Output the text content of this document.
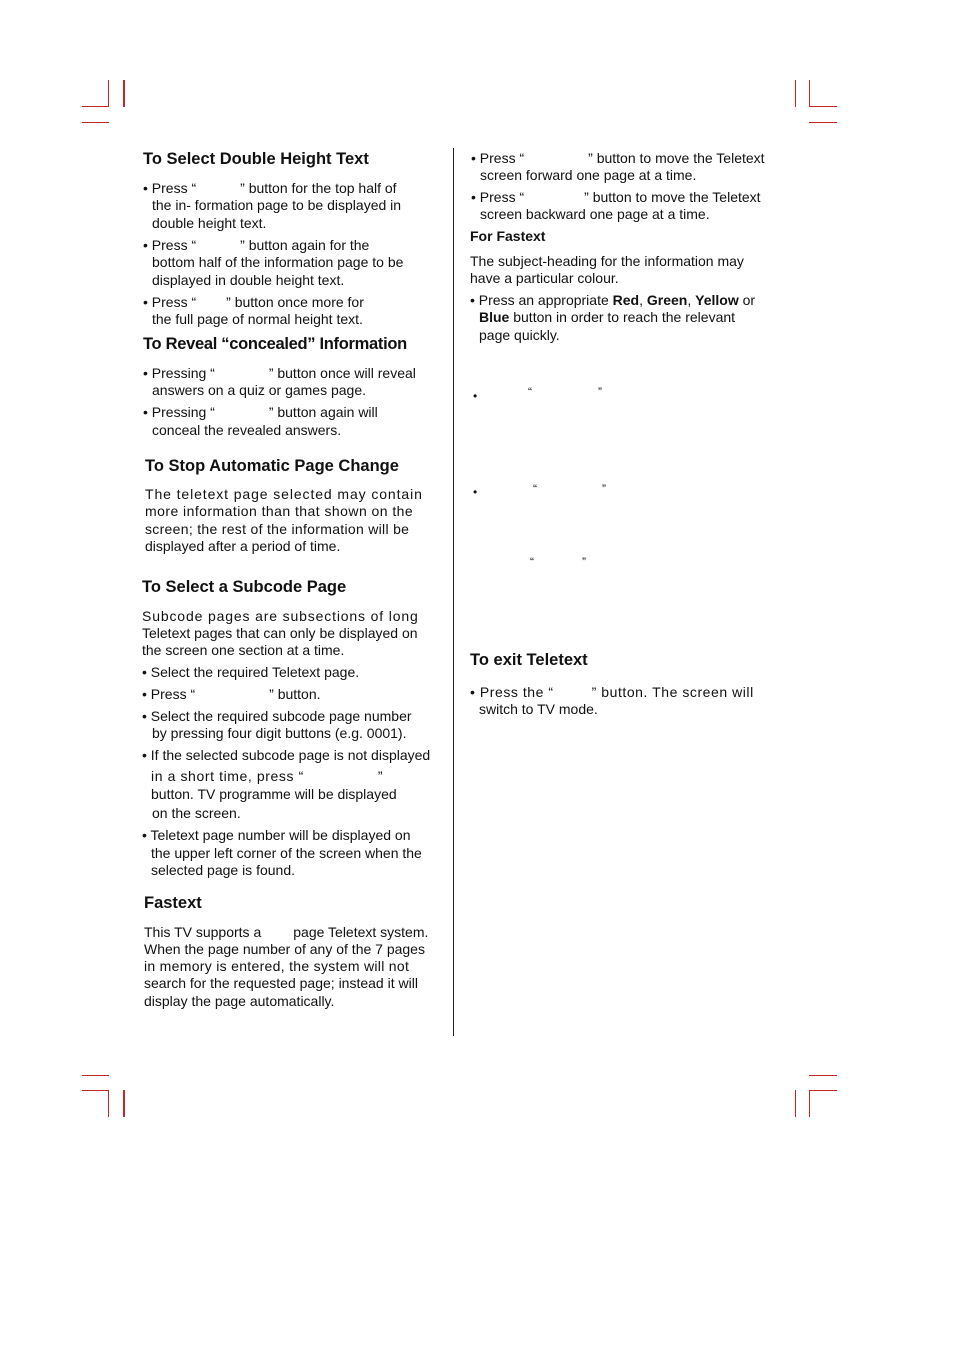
To Select Double Height Text
• Press “	” button for the top half of
the in- formation page to be displayed in
double height text.
• Press “	” button again for the
bottom half of the information page to be
displayed in double height text.
• Press “ ” button once more for
the full page of normal height text.
To Reveal “concealed” Information
• Pressing “	” button once will reveal
answers on a quiz or games page.
• Pressing “	” button again will
conceal the revealed answers.
To Stop Automatic Page Change
The teletext page selected may contain
more information than that shown on the
screen; the rest of the information will be
displayed after a period of time.
To Select a Subcode Page
Subcode pages are subsections of long
Teletext pages that can only be displayed on
the screen one section at a time.
• Select the required Teletext page.
• Press “	” button.
• Select the required subcode page number
by pressing four digit buttons (e.g. 0001).
• If the selected subcode page is not displayed
in a short time, press “	”
button. TV programme will be displayed
on the screen.
• Teletext page number will be displayed on
the upper left corner of the screen when the
selected page is found.
Fastext
This TV supports a page Teletext system.
When the page number of any of the 7 pages
in memory is entered, the system will not
search for the requested page; instead it will
display the page automatically.
• Press “	” button to move the Teletext
screen forward one page at a time.
• Press “	” button to move the Teletext
screen backward one page at a time.
For Fastext
The subject-heading for the information may
have a particular colour.
• Press an appropriate Red, Green, Yellow or
Blue button in order to reach the relevant
page quickly.
•	“	”
•	“	”
“	”
To exit Teletext
• Press the “	” button. The screen will
switch to TV mode.
